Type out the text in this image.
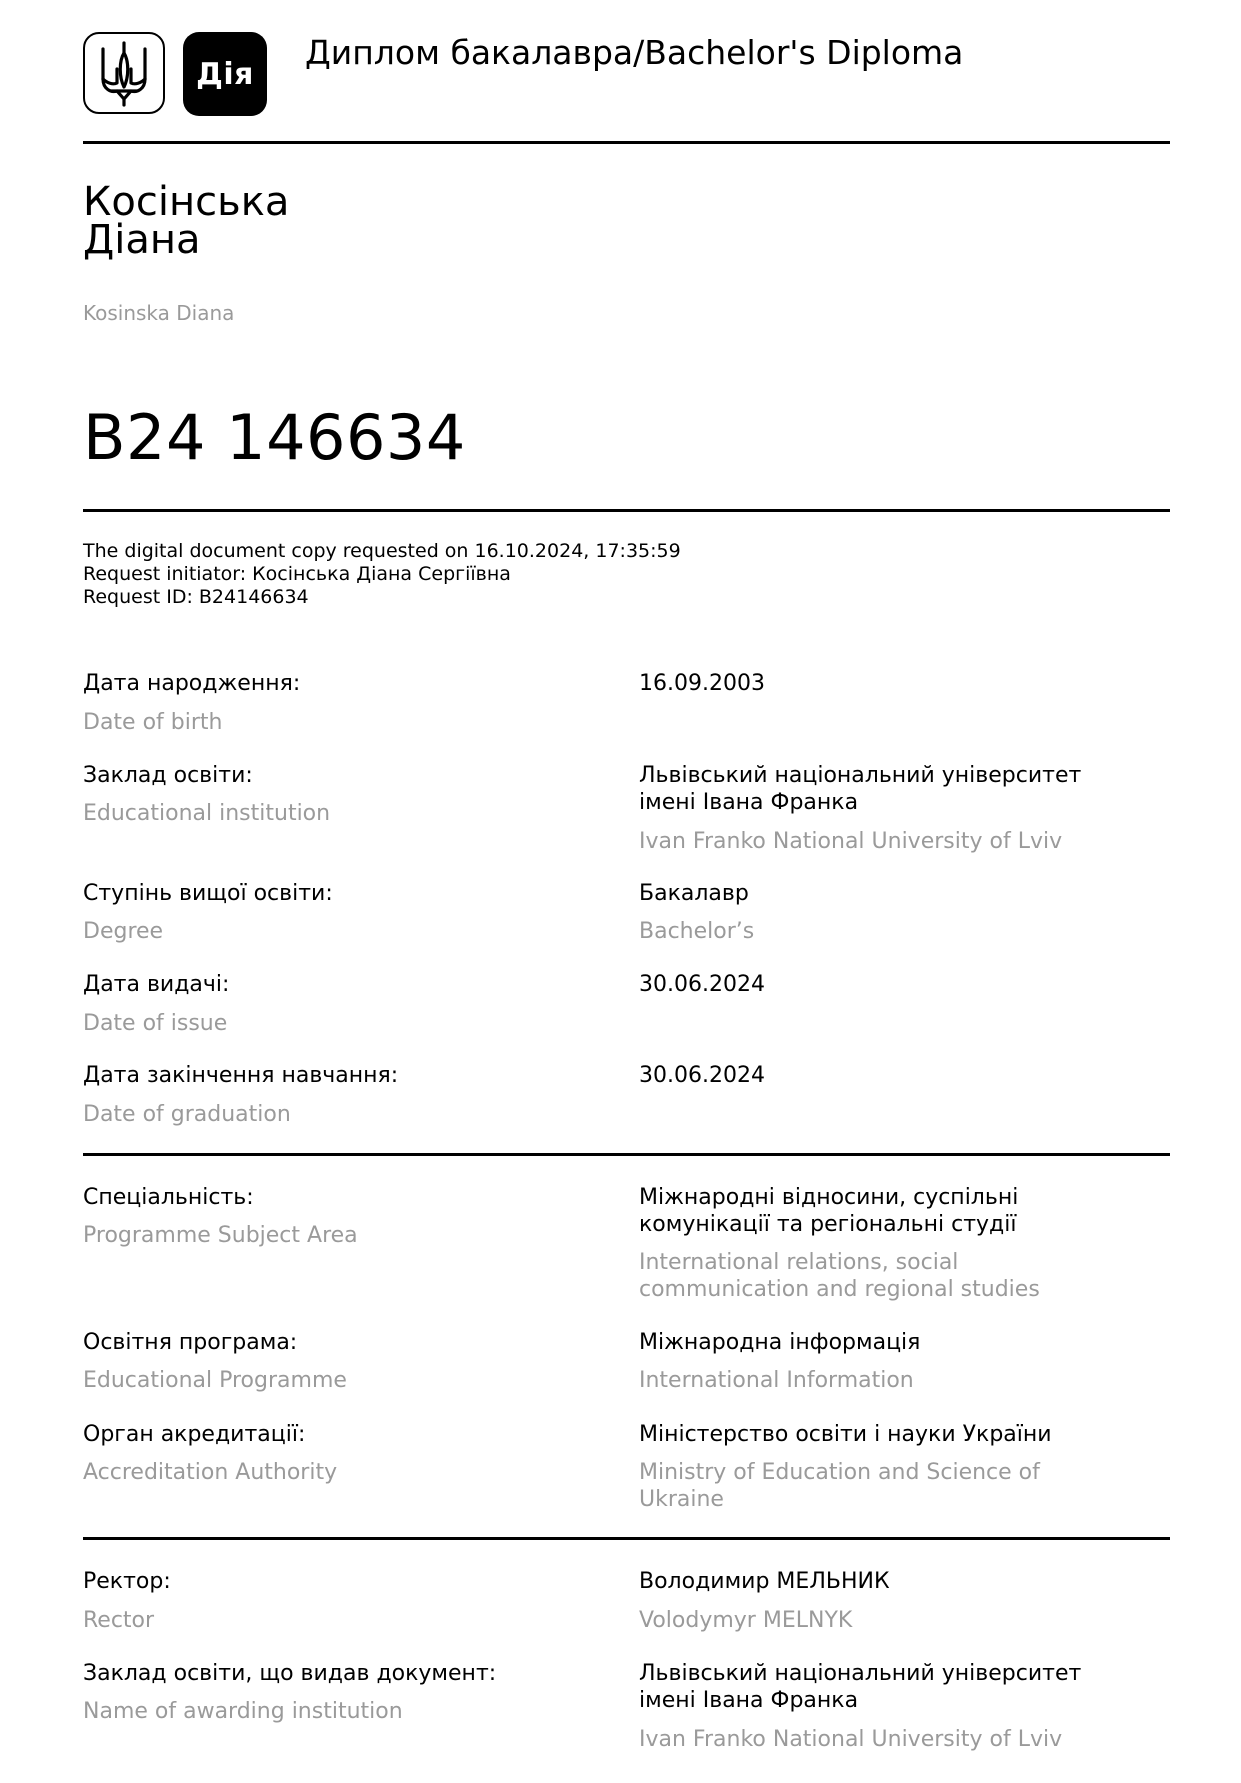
Дія
Диплом бакалавра/Bachelor's Diploma
Косінська
Діана
Kosinska Diana
B24 146634
The digital document copy requested on 16.10.2024, 17:35:59
Request initiator: Косінська Діана Сергіївна
Request ID: B24146634
Дата народження:
Date of birth
16.09.2003
Заклад освіти:
Educational institution
Львівський національний університет
імені Івана Франка
Ivan Franko National University of Lviv
Ступінь вищої освіти:
Degree
Бакалавр
Bachelor’s
Дата видачі:
Date of issue
30.06.2024
Дата закінчення навчання:
Date of graduation
30.06.2024
Спеціальність:
Programme Subject Area
Міжнародні відносини, суспільні
комунікації та регіональні студії
International relations, social
communication and regional studies
Освітня програма:
Educational Programme
Міжнародна інформація
International Information
Орган акредитації:
Accreditation Authority
Міністерство освіти і науки України
Ministry of Education and Science of
Ukraine
Ректор:
Rector
Володимир МЕЛЬНИК
Volodymyr MELNYK
Заклад освіти, що видав документ:
Name of awarding institution
Львівський національний університет
імені Івана Франка
Ivan Franko National University of Lviv
